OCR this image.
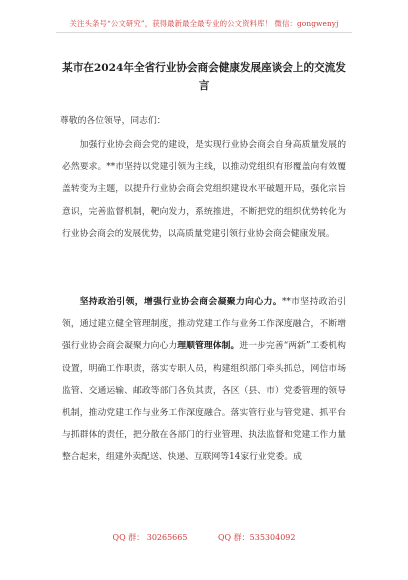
关注头条号“公文研究”，获得最新最全最专业的公文资料库！ 微信：gongwenyj
某市在2024年全省行业协会商会健康发展座谈会上的交流发言
尊敬的各位领导，同志们：

加强行业协会商会党的建设，是实现行业协会商会自身高质量发展的必然要求。**市坚持以党建引领为主线，以推动党组织有形覆盖向有效覆盖转变为主题，以提升行业协会商会党组织建设水平破题开局，强化宗旨意识，完善监督机制，靶向发力，系统推进，不断把党的组织优势转化为行业协会商会的发展优势，以高质量党建引领行业协会商会健康发展。

坚持政治引领，增强行业协会商会凝聚力向心力。**市坚持政治引领，通过建立健全管理制度，推动党建工作与业务工作深度融合，不断增强行业协会商会凝聚力向心力理顺管理体制。进一步完善“两新”工委机构设置，明确工作职责，落实专职人员，构建组织部门牵头抓总，网信市场监管、交通运输、邮政等部门各负其责，各区（县、市）党委管理的领导机制，推动党建工作与业务工作深度融合。落实管行业与管党建、抓平台与抓群体的责任，把分散在各部门的行业管理、执法监督和党建工作力量整合起来，组建外卖配送、快递、互联网等14家行业党委。成

QQ 群： 30265665	QQ 群：535304092
